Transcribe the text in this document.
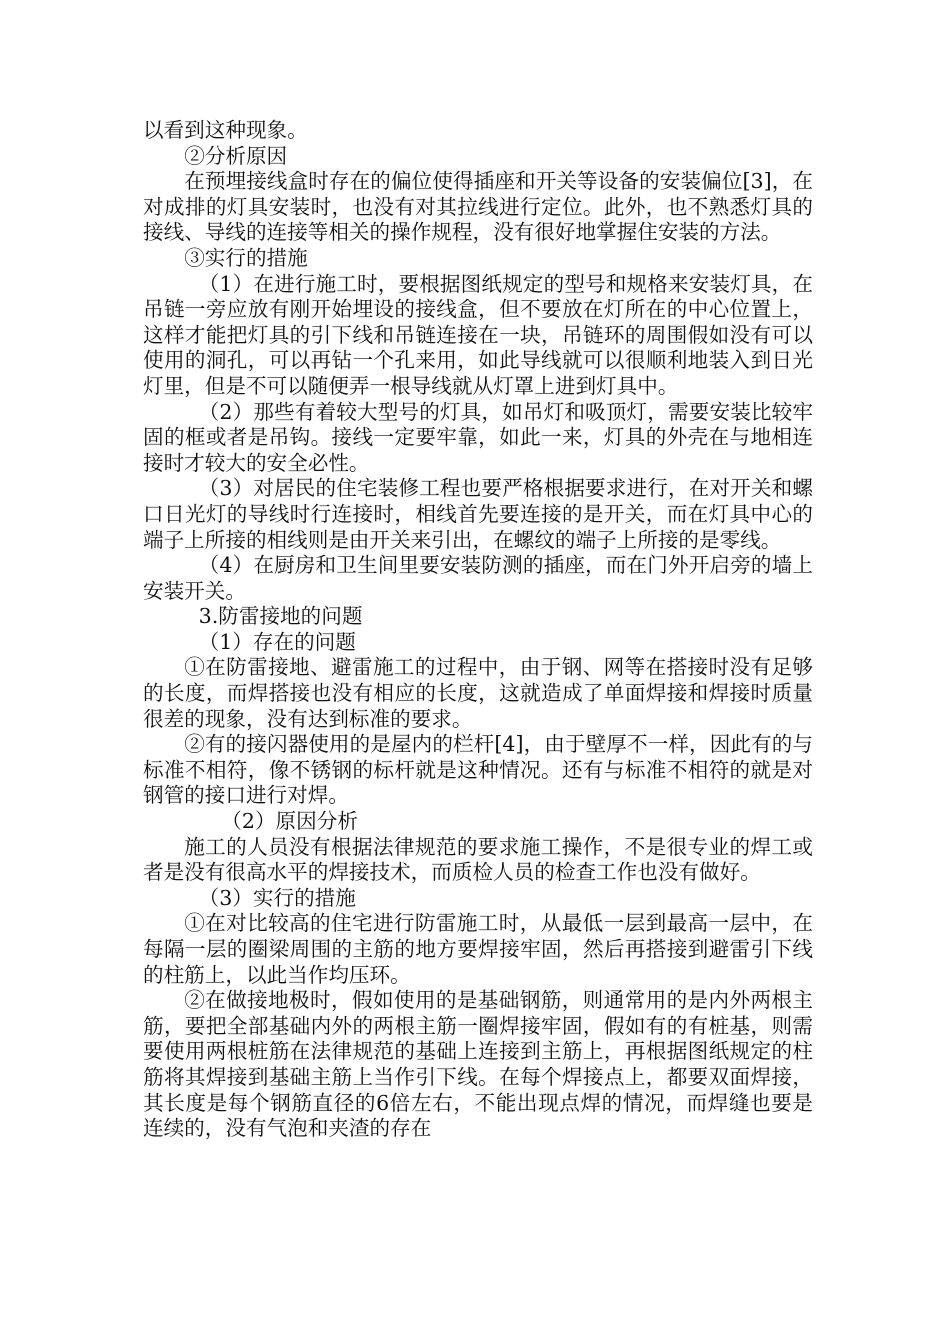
以看到这种现象。

②分析原因

在预埋接线盒时存在的偏位使得插座和开关等设备的安装偏位[3]，在对成排的灯具安装时，也没有对其拉线进行定位。此外，也不熟悉灯具的接线、导线的连接等相关的操作规程，没有很好地掌握住安装的方法。

③实行的措施

（1）在进行施工时，要根据图纸规定的型号和规格来安装灯具，在吊链一旁应放有刚开始埋设的接线盒，但不要放在灯所在的中心位置上，这样才能把灯具的引下线和吊链连接在一块，吊链环的周围假如没有可以使用的洞孔，可以再钻一个孔来用，如此导线就可以很顺利地装入到日光灯里，但是不可以随便弄一根导线就从灯罩上进到灯具中。

（2）那些有着较大型号的灯具，如吊灯和吸顶灯，需要安装比较牢固的框或者是吊钩。接线一定要牢靠，如此一来，灯具的外壳在与地相连接时才较大的安全必性。

（3）对居民的住宅装修工程也要严格根据要求进行，在对开关和螺口日光灯的导线时行连接时，相线首先要连接的是开关，而在灯具中心的端子上所接的相线则是由开关来引出，在螺纹的端子上所接的是零线。

（4）在厨房和卫生间里要安装防测的插座，而在门外开启旁的墙上安装开关。

3.防雷接地的问题

（1）存在的问题

①在防雷接地、避雷施工的过程中，由于钢、网等在搭接时没有足够的长度，而焊搭接也没有相应的长度，这就造成了单面焊接和焊接时质量很差的现象，没有达到标准的要求。

②有的接闪器使用的是屋内的栏杆[4]，由于壁厚不一样，因此有的与标准不相符，像不锈钢的标杆就是这种情况。还有与标准不相符的就是对钢管的接口进行对焊。

（2）原因分析

施工的人员没有根据法律规范的要求施工操作，不是很专业的焊工或者是没有很高水平的焊接技术，而质检人员的检查工作也没有做好。

（3）实行的措施

①在对比较高的住宅进行防雷施工时，从最低一层到最高一层中，在每隔一层的圈梁周围的主筋的地方要焊接牢固，然后再搭接到避雷引下线的柱筋上，以此当作均压环。

②在做接地极时，假如使用的是基础钢筋，则通常用的是内外两根主筋，要把全部基础内外的两根主筋一圈焊接牢固，假如有的有桩基，则需要使用两根桩筋在法律规范的基础上连接到主筋上，再根据图纸规定的柱筋将其焊接到基础主筋上当作引下线。在每个焊接点上，都要双面焊接，其长度是每个钢筋直径的6倍左右，不能出现点焊的情况，而焊缝也要是连续的，没有气泡和夹渣的存在
